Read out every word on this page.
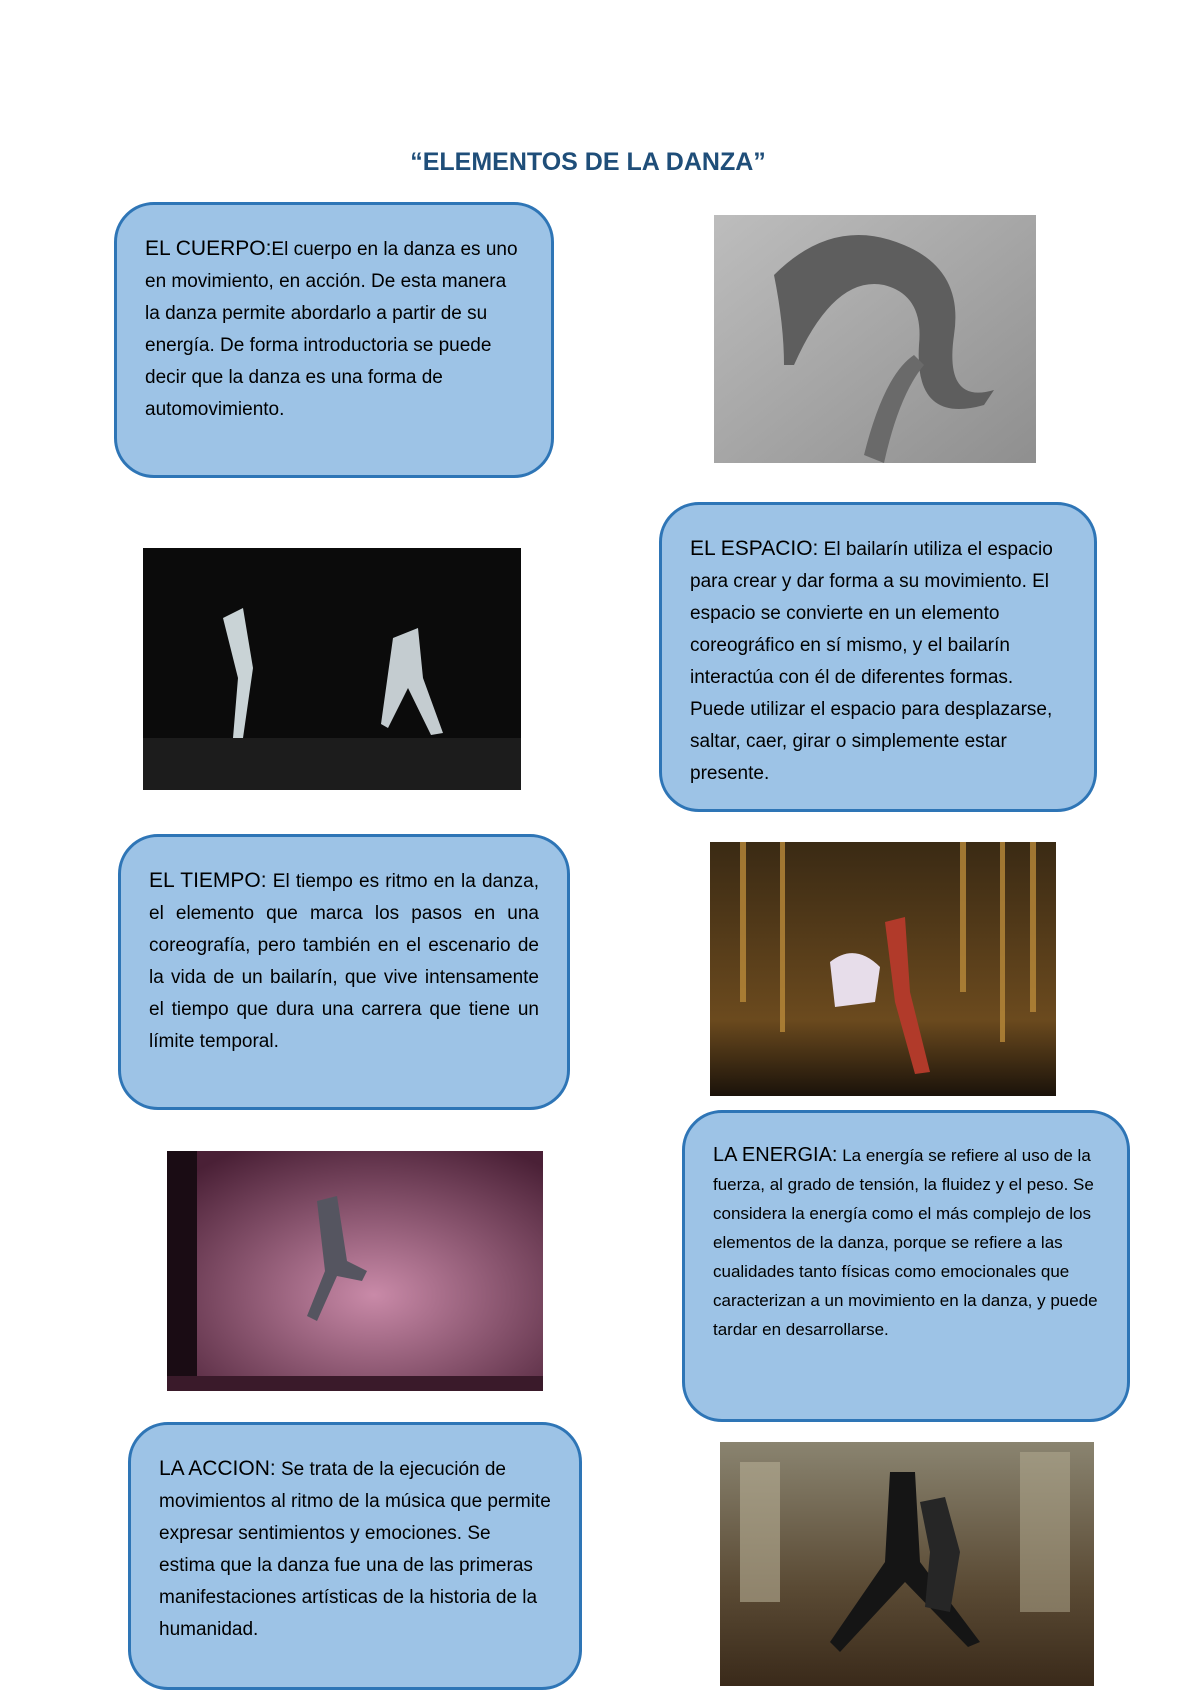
“ELEMENTOS DE LA DANZA”
EL CUERPO:El cuerpo en la danza es uno en movimiento, en acción. De esta manera la danza permite abordarlo a partir de su energía. De forma introductoria se puede decir que la danza es una forma de automovimiento.
EL ESPACIO: El bailarín utiliza el espacio para crear y dar forma a su movimiento. El espacio se convierte en un elemento coreográfico en sí mismo, y el bailarín interactúa con él de diferentes formas. Puede utilizar el espacio para desplazarse, saltar, caer, girar o simplemente estar presente.
EL TIEMPO: El tiempo es ritmo en la danza, el elemento que marca los pasos en una coreografía, pero también en el escenario de la vida de un bailarín, que vive intensamente el tiempo que dura una carrera que tiene un límite temporal.
LA ENERGIA: La energía se refiere al uso de la fuerza, al grado de tensión, la fluidez y el peso. Se considera la energía como el más complejo de los elementos de la danza, porque se refiere a las cualidades tanto físicas como emocionales que caracterizan a un movimiento en la danza, y puede tardar en desarrollarse.
LA ACCION: Se trata de la ejecución de movimientos al ritmo de la música que permite expresar sentimientos y emociones. Se estima que la danza fue una de las primeras manifestaciones artísticas de la historia de la humanidad.
